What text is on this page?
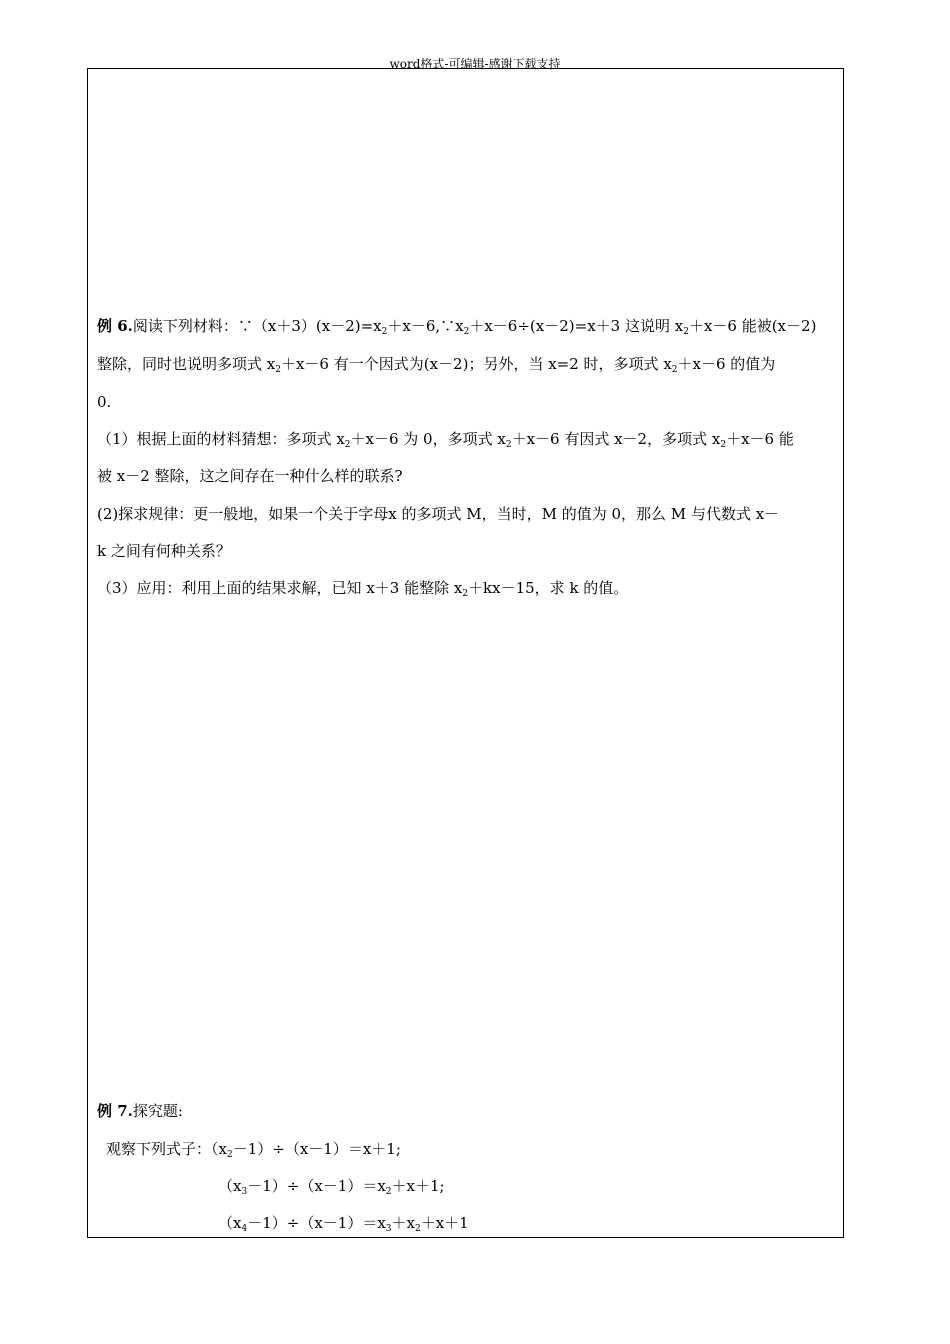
word格式-可编辑-感谢下载支持
例 6.阅读下列材料：$\because(x+3)(x-2)=x^2+x-6,\because x^2+x-6\div(x-2)=x+3$ 这说明 $x^2+x-6$ 能被(x－2)
整除，同时也说明多项式 $x^2+x-6$ 有一个因式为(x－2)；另外，当 x=2 时，多项式 $x^2+x-6$ 的值为
0.
（1）根据上面的材料猜想：多项式 $x^2+x-6$ 为 0，多项式 $x^2+x-6$ 有因式 x－2，多项式 $x^2+x-6$ 能
被 x－2 整除，这之间存在一种什么样的联系?
(2)探求规律：更一般地，如果一个关于字母x 的多项式 M，当时，M 的值为 0，那么 M 与代数式 x－
k 之间有何种关系？
（3）应用：利用上面的结果求解，已知 x＋3 能整除 $x^2+kx-15$，求 k 的值。
例 7.探究题:
观察下列式子：$(x^2-1)\div(x-1)=x+1$;
$(x^3-1)\div(x-1)=x^2+x+1$;
$(x^4-1)\div(x-1)=x^3+x^2+x+1$
